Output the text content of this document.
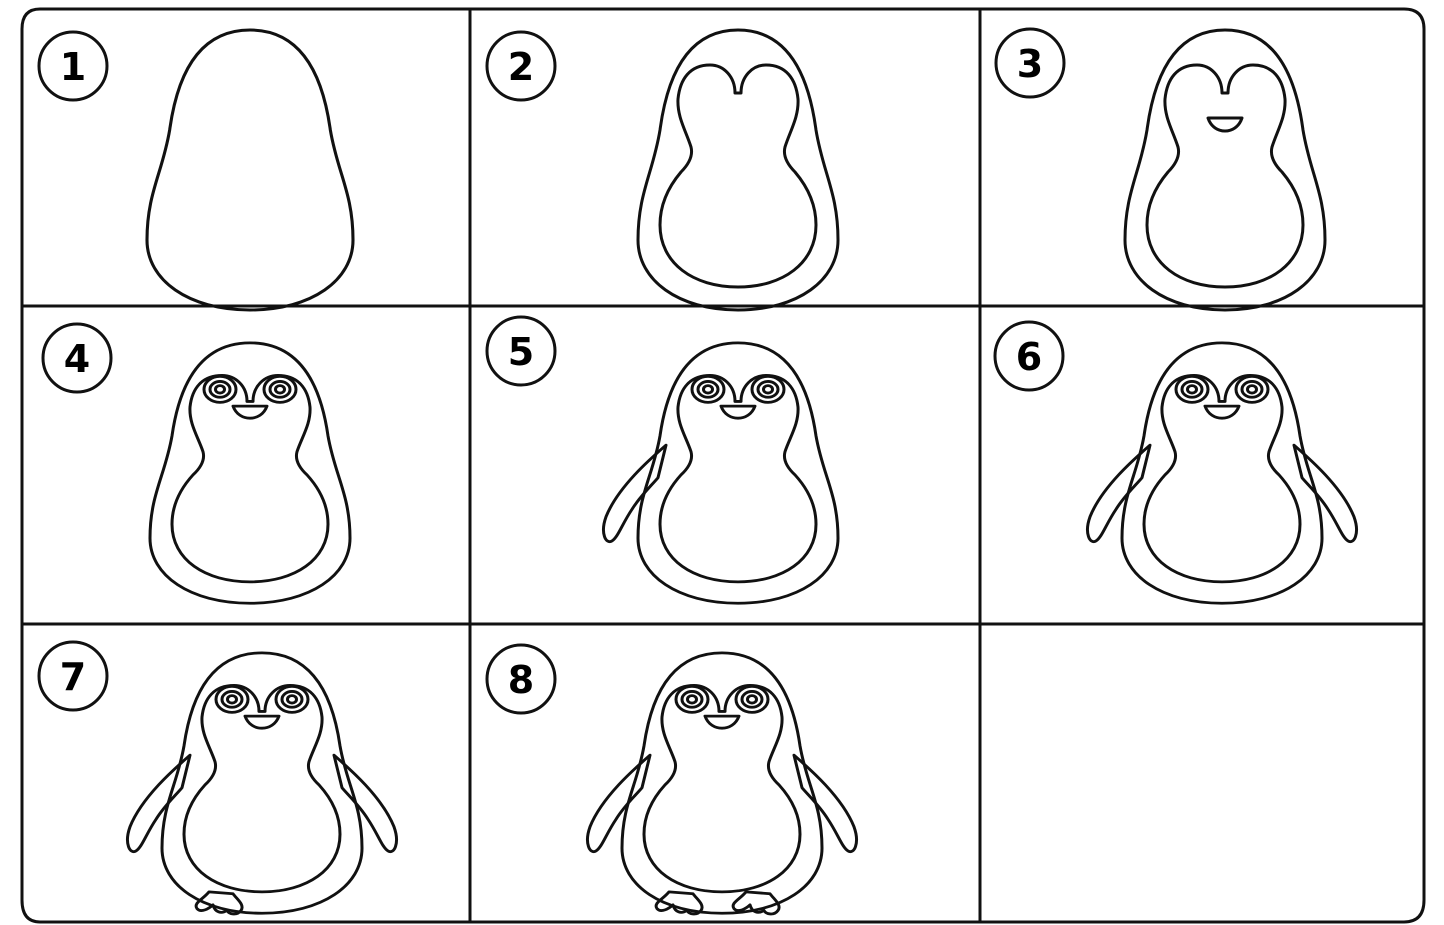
1	2	3
4	5	6
7	8
